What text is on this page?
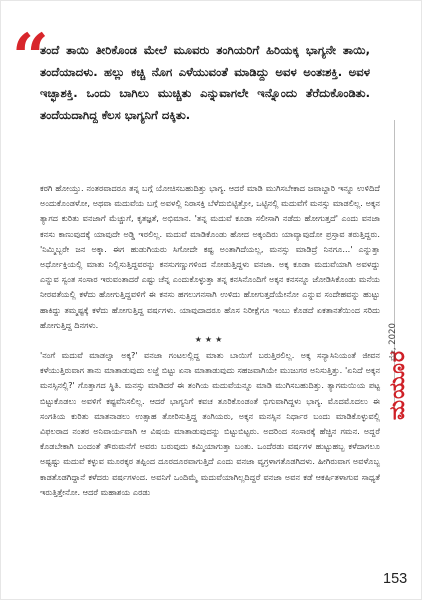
“

ತಂದೆ ತಾಯಿ ತೀರಿಕೊಂಡ ಮೇಲೆ ಮೂವರು ತಂಗಿಯರಿಗೆ ಹಿರಿಯಕ್ಕ ಭಾಗ್ಯನೇ ತಾಯಿ, ತಂದೆಯಾದಳು. ಹಲ್ಲು ಕಚ್ಚಿ ನೊಗ ಎಳೆಯುವಂತೆ ಮಾಡಿದ್ದು ಅವಳ ಅಂತಃಶಕ್ತಿ. ಅವಳ ಇಚ್ಛಾಶಕ್ತಿ. ಒಂದು ಬಾಗಿಲು ಮುಚ್ಚಿತು ಎನ್ನುವಾಗಲೇ ಇನ್ನೊಂದು ತೆರೆದುಕೊಂಡಿತು. ತಂದೆಯದಾಗಿದ್ದ ಕೆಲಸ ಭಾಗ್ಯನಿಗೆ ದಕ್ಕಿತು.

ಕರಗಿ ಹೋಯ್ತು. ನಂತರವಾದರೂ ತನ್ನ ಬಗ್ಗೆ ಯೋಚಿಸಬಹುದಿತ್ತು ಭಾಗ್ಯ. ಆದರೆ ಮಾಡಿ ಮುಗಿಸಬೇಕಾದ ಜವಾಬ್ದಾರಿ ಇನ್ನೂ ಉಳಿದಿದೆ ಅಂದುಕೊಂಡಳೋ, ಅಥವಾ ಮದುವೆಯ ಬಗ್ಗೆ ಅವಳಲ್ಲಿ ನಿರಾಸಕ್ತಿ ಬೆಳೆದುಬಿಟ್ಟಿತ್ತೋ, ಒಟ್ಟಿನಲ್ಲಿ ಮದುವೆಗೆ ಮನಸ್ಸು ಮಾಡಲಿಲ್ಲ. ಅಕ್ಕನ ತ್ಯಾಗದ ಕುರಿತು ವನಜಾಗೆ ಮೆಚ್ಚುಗೆ, ಕೃತಜ್ಞತೆ, ಅಭಿಮಾನ. 'ತನ್ನ ಮದುವೆ ಕೂಡಾ ಸಲೀಸಾಗಿ ನಡೆದು ಹೋಗುತ್ತದೆ' ಎಂದು ವನಜಾ ಕನಸು ಕಾಣುವುದಕ್ಕೆ ಯಾವುದೇ ಅಡ್ಡಿ ಇರಲಿಲ್ಲ. ಮದುವೆ ಮಾಡಿಕೊಂಡು ಹೋದ ಅಕ್ಕಂದಿರು ಯಾವ್ಯಾವುದೋ ಪ್ರಸ್ತಾವ ತರುತ್ತಿದ್ದರು. 'ನಿಮ್ಮಿಬ್ಬರೇ ಜನ ಅಕ್ಕಾ. ಈಗ ಹುಡುಗಿಯರು ಸಿಗೋದೇ ಕಷ್ಟ ಅಂತಾಗಿದೆಯಲ್ಲ, ಮನಸ್ಸು ಮಾಡಿದ್ರೆ ನಿನಗೂ...' ಎನ್ನುತ್ತಾ ಅರ್ಧೋಕ್ತಿಯಲ್ಲಿ ಮಾತು ನಿಲ್ಲಿಸುತ್ತಿದ್ದವರನ್ನು ಕನಸುಗಣ್ಣುಗಳಿಂದ ನೋಡುತ್ತಿದ್ದಳು ವನಜಾ. ಅಕ್ಕ ಕೂಡಾ ಮದುವೆಯಾಗಿ ಅವಳದ್ದು ಎನ್ನುವ ಸ್ವಂತ ಸಂಸಾರ ಇರುವಂತಾದರೆ ಎಷ್ಟು ಚೆನ್ನ ಎಂದುಕೊಳ್ಳುತ್ತಾ ತನ್ನ ಕನಸಿನೊಂದಿಗೆ ಅಕ್ಕನ ಕನಸನ್ನೂ ಜೋಡಿಸಿಕೊಂಡು ಮನೆಯ ನೀರವತೆಯಲ್ಲಿ ಕಳೆದು ಹೋಗುತ್ತಿದ್ದವಳಿಗೆ ಈ ಕನಸು ಹಗಲುಗನಸಾಗಿ ಉಳಿದು ಹೋಗುತ್ತದೆಯೇನೋ ಎನ್ನುವ ಸಂದೇಹವನ್ನು ಹುಟ್ಟು ಹಾಕಿದ್ದು ತಮ್ಮಷ್ಟಕ್ಕೆ ಕಳೆದು ಹೋಗುತ್ತಿದ್ದ ವರ್ಷಗಳು. ಯಾವುದಾದರೂ ಹೊಸ ನಿರೀಕ್ಷೆಗೂ ಇಂಬು ಕೊಡದೆ ಏಕತಾನತೆಯಿಂದ ಸರಿದು ಹೋಗುತ್ತಿದ್ದ ದಿನಗಳು.

★★★

'ನಂಗೆ ಮದುವೆ ಮಾಡಲ್ವಾ ಅಕ್ಕ?' ವನಜಾ ಗಂಟಲಲ್ಲಿದ್ದ ಮಾತು ಬಾಯಿಗೆ ಬರುತ್ತಿರಲಿಲ್ಲ. ಅಕ್ಕ ಸನ್ಯಾಸಿನಿಯಂತೆ ಜೀವನ ಕಳೆಯುತ್ತಿರುವಾಗ ತಾನು ಮಾತಾಡುವುದು ಲಜ್ಜೆ ಬಿಟ್ಟು ಏನಾ ಮಾತಾಡುವುದು ಸಹಜವಾಗಿಯೇ ಮುಜುಗರ ಅನಿಸುತ್ತಿತ್ತು. 'ಏನಿದೆ ಅಕ್ಕನ ಮನಸ್ಸಿನಲ್ಲಿ?' ಗೊತ್ತಾಗದ ಸ್ಥಿತಿ. ಮನಸ್ಸು ಮಾಡಿದರೆ ಈ ತಂಗಿಯ ಮದುವೆಯನ್ನೂ ಮಾಡಿ ಮುಗಿಸಬಹುದಿತ್ತು. ತ್ಯಾಗಮಯಿಯ ಪಟ್ಟ ಬಿಟ್ಟುಕೊಡಲು ಅವಳಿಗೆ ಕಷ್ಟವೆನಿಸಲಿಲ್ಲ. ಆದರೆ ಭಾಗ್ಯನಿಗೆ ಕವಚ ತೂರಿಕೊಂಡಂತೆ ಭಿಗುವಾಗಿದ್ದಳು ಭಾಗ್ಯ. ಮೊದಮೊದಲು ಈ ಸಂಗತಿಯ ಕುರಿತು ಮಾತನಾಡಲು ಉತ್ಸಾಹ ತೋರಿಸುತ್ತಿದ್ದ ತಂಗಿಯರು, ಅಕ್ಕನ ಮನಸ್ಸಿನ ನಿರ್ಧಾರ ಬಂದು ಮಾಡಿಕೊಳ್ಳುವಲ್ಲಿ ವಿಫಲರಾದ ನಂತರ ಅನಿವಾರ್ಯವಾಗಿ ಆ ವಿಷಯ ಮಾತಾಡುವುದನ್ನು ಬಿಟ್ಟುಬಿಟ್ಟರು. ಅದರಿಂದ ಸಂಸಾರಕ್ಕೆ ಹೆಚ್ಚಿನ ಗಮನ. ಅದ್ದರೆ ಕೊಡಬೇಕಾಗಿ ಬಂದಂತೆ ತೌರುಮನೆಗೆ ಅವರು ಬರುವುದು ಕಮ್ಮಿಯಾಗುತ್ತಾ ಬಂತು. ಒಂದೆರಡು ವರ್ಷಗಳ ಹುಟ್ಟುಹಬ್ಬ ಕಳೆದಾಗಲೂ ಅಷ್ಟಷ್ಟು ಮದುವೆ ಕಳ್ಳುವ ಮೂರಕ್ಕರ ತಪ್ಪಿಂದ ದೂರದೂರವಾಗುತ್ತಿದೆ ಎಂದು ವನಜಾ ವ್ಯಗ್ರಳಾಗತೊಡಗಿದಳು. ಹೀಗಿರುವಾಗ ಅವಳೊಬ್ಬ ಕಾಡತೊಡಗಿದ್ದಾನೆ ಕಳೆದರು ವರ್ಷಗಳಂದ. ಅವನಿಗೆ ಒಂದಿಮ್ಮೆ ಮದುವೆಯಾಗಿಲ್ಲದಿದ್ದರೆ ವನಜಾ ಅವನ ಕಡೆ ಆಕರ್ಷಿತಳಾಗುವ ಸಾಧ್ಯತೆ ಇರುತ್ತಿತ್ತೇನೋ. ಆದರೆ ಮಹಾಶಯ ಎರಡು

ಮಯೂರ
ಮೇ, 2020
153
